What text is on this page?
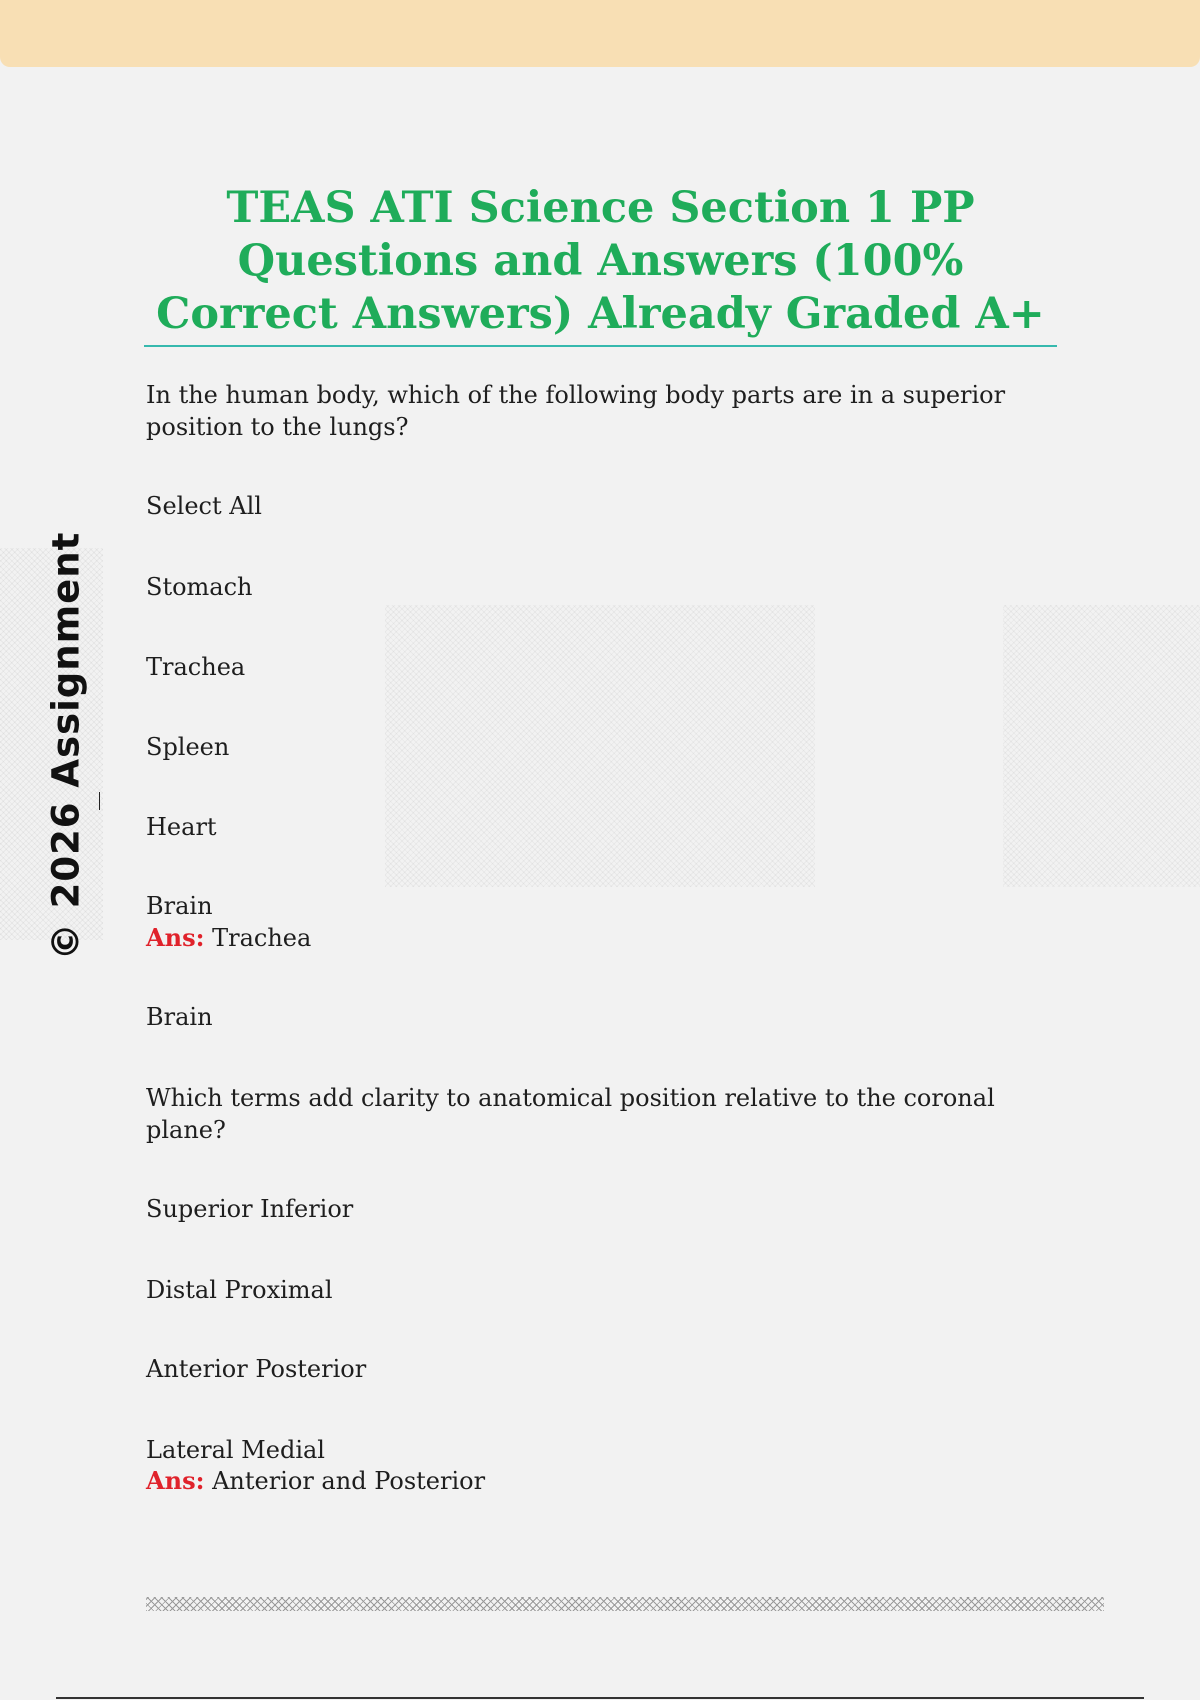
© 2026 Assignment
TEAS ATI Science Section 1 PP Questions and Answers (100% Correct Answers) Already Graded A+
In the human body, which of the following body parts are in a superior position to the lungs?
Select All
Stomach
Trachea
Spleen
Heart
Brain
Ans: Trachea
Brain
Which terms add clarity to anatomical position relative to the coronal plane?
Superior Inferior
Distal Proximal
Anterior Posterior
Lateral Medial
Ans: Anterior and Posterior
